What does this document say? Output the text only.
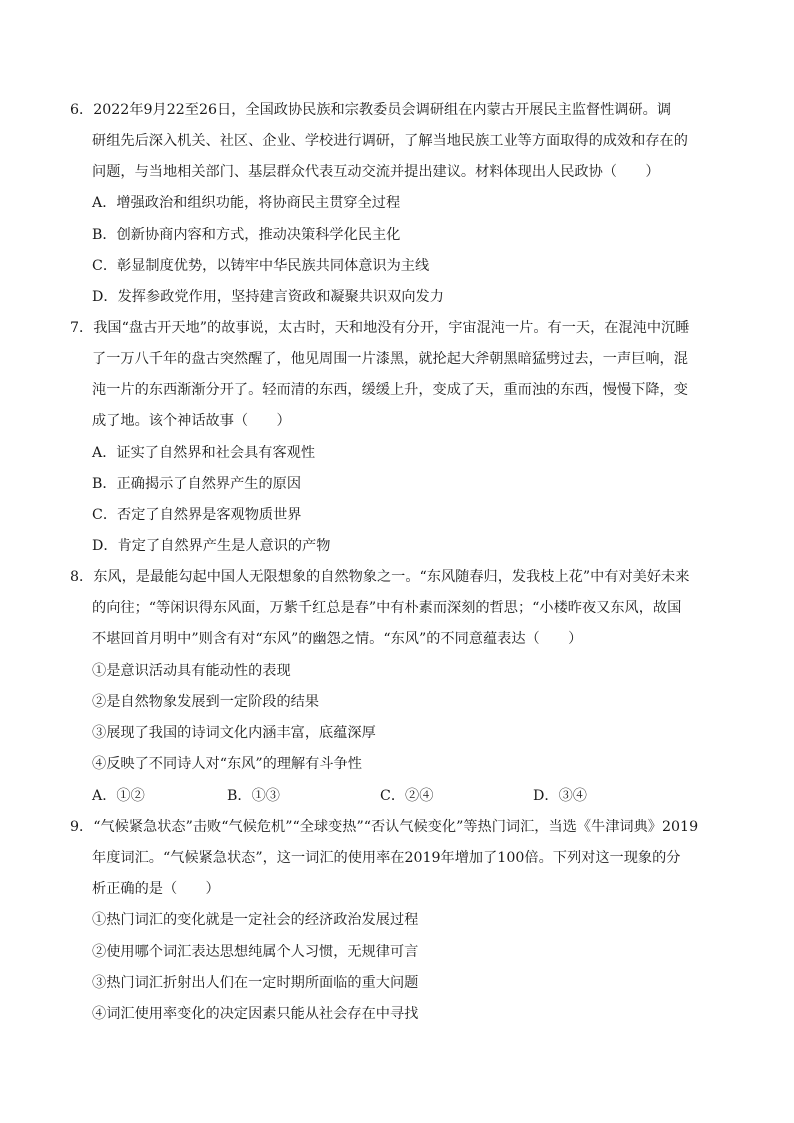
6．2022年9月22至26日，全国政协民族和宗教委员会调研组在内蒙古开展民主监督性调研。调
研组先后深入机关、社区、企业、学校进行调研，了解当地民族工业等方面取得的成效和存在的
问题，与当地相关部门、基层群众代表互动交流并提出建议。材料体现出人民政协（　　）
A．增强政治和组织功能，将协商民主贯穿全过程
B．创新协商内容和方式，推动决策科学化民主化
C．彰显制度优势，以铸牢中华民族共同体意识为主线
D．发挥参政党作用，坚持建言资政和凝聚共识双向发力
7．我国“盘古开天地”的故事说，太古时，天和地没有分开，宇宙混沌一片。有一天，在混沌中沉睡
了一万八千年的盘古突然醒了，他见周围一片漆黑，就抡起大斧朝黑暗猛劈过去，一声巨响，混
沌一片的东西渐渐分开了。轻而清的东西，缓缓上升，变成了天，重而浊的东西，慢慢下降，变
成了地。该个神话故事（　　）
A．证实了自然界和社会具有客观性
B．正确揭示了自然界产生的原因
C．否定了自然界是客观物质世界
D．肯定了自然界产生是人意识的产物
8．东风，是最能勾起中国人无限想象的自然物象之一。“东风随春归，发我枝上花”中有对美好未来
的向往；“等闲识得东风面，万紫千红总是春”中有朴素而深刻的哲思；“小楼昨夜又东风，故国
不堪回首月明中”则含有对“东风”的幽怨之情。“东风”的不同意蕴表达（　　）
①是意识活动具有能动性的表现
②是自然物象发展到一定阶段的结果
③展现了我国的诗词文化内涵丰富，底蕴深厚
④反映了不同诗人对“东风”的理解有斗争性
A．①②	B．①③	C．②④	D．③④
9．“气候紧急状态”击败“气候危机”“全球变热”“否认气候变化”等热门词汇，当选《牛津词典》2019
年度词汇。“气候紧急状态”，这一词汇的使用率在2019年增加了100倍。下列对这一现象的分
析正确的是（　　）
①热门词汇的变化就是一定社会的经济政治发展过程
②使用哪个词汇表达思想纯属个人习惯，无规律可言
③热门词汇折射出人们在一定时期所面临的重大问题
④词汇使用率变化的决定因素只能从社会存在中寻找
